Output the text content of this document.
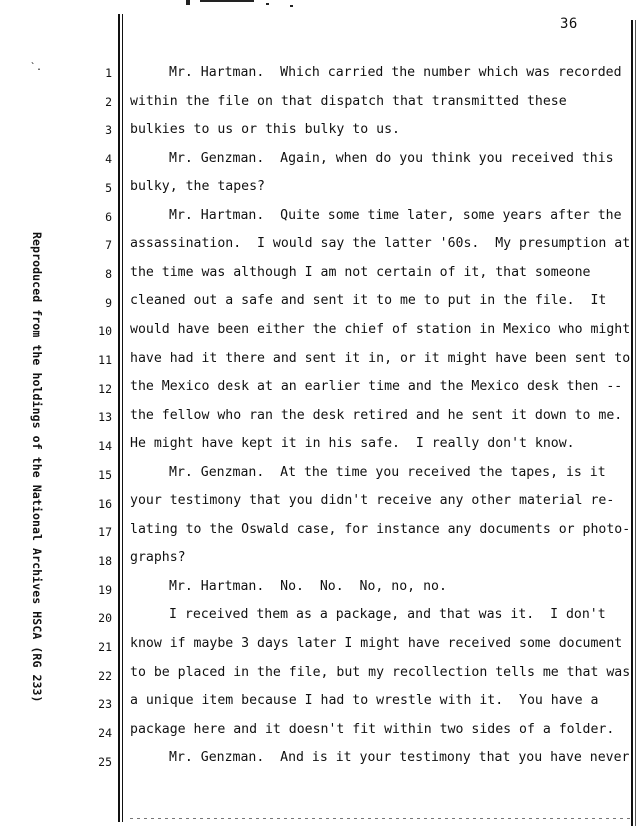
36
`.
Reproduced from the holdings of the National Archives HSCA (RG 233)
1
2
3
4
5
6
7
8
9
10
11
12
13
14
15
16
17
18
19
20
21
22
23
24
25
Mr. Hartman.  Which carried the number which was recorded
within the file on that dispatch that transmitted these
bulkies to us or this bulky to us.
Mr. Genzman.  Again, when do you think you received this
bulky, the tapes?
Mr. Hartman.  Quite some time later, some years after the
assassination.  I would say the latter '60s.  My presumption at
the time was although I am not certain of it, that someone
cleaned out a safe and sent it to me to put in the file.  It
would have been either the chief of station in Mexico who might
have had it there and sent it in, or it might have been sent to
the Mexico desk at an earlier time and the Mexico desk then --
the fellow who ran the desk retired and he sent it down to me.
He might have kept it in his safe.  I really don't know.
Mr. Genzman.  At the time you received the tapes, is it
your testimony that you didn't receive any other material re-
lating to the Oswald case, for instance any documents or photo-
graphs?
Mr. Hartman.  No.  No.  No, no, no.
I received them as a package, and that was it.  I don't
know if maybe 3 days later I might have received some document
to be placed in the file, but my recollection tells me that was
a unique item because I had to wrestle with it.  You have a
package here and it doesn't fit within two sides of a folder.
Mr. Genzman.  And is it your testimony that you have never
